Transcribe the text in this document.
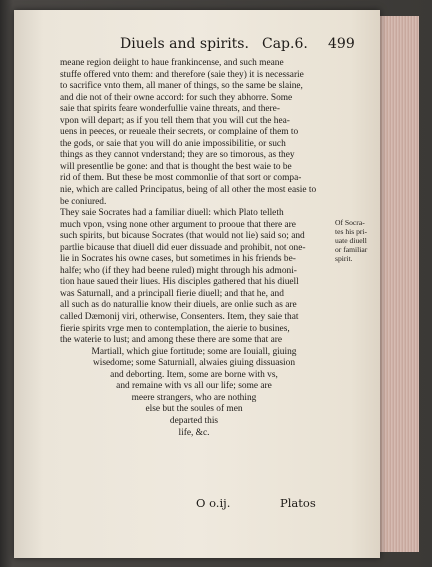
Diuels and spirits. Cap.6. 499
meane region deiight to haue frankincense, and such meane
stuffe offered vnto them: and therefore (saie they) it is necessarie
to sacrifice vnto them, all maner of things, so the same be slaine,
and die not of their owne accord: for such they abhorre. Some
saie that spirits feare wonderfullie vaine threats, and there-
vpon will depart; as if you tell them that you will cut the hea-
uens in peeces, or reueale their secrets, or complaine of them to
the gods, or saie that you will do anie impossibilitie, or such
things as they cannot vnderstand; they are so timorous, as they
will presentlie be gone: and that is thought the best waie to be
rid of them. But these be most commonlie of that sort or compa-
nie, which are called Principatus, being of all other the most easie to
be coniured.
They saie Socrates had a familiar diuell: which Plato telleth
much vpon, vsing none other argument to prooue that there are
such spirits, but bicause Socrates (that would not lie) said so; and
partlie bicause that diuell did euer dissuade and prohibit, not one-
lie in Socrates his owne cases, but sometimes in his friends be-
halfe; who (if they had beene ruled) might through his admoni-
tion haue saued their liues. His disciples gathered that his diuell
was Saturnall, and a principall fierie diuell; and that he, and
all such as do naturallie know their diuels, are onlie such as are
called Dæmonij viri, otherwise, Consenters. Item, they saie that
fierie spirits vrge men to contemplation, the aierie to busines,
the waterie to lust; and among these there are some that are
Martiall, which giue fortitude; some are Iouiall, giuing
wisedome; some Saturniall, alwaies giuing dissuasion
and deborting. Item, some are borne with vs,
and remaine with vs all our life; some are
meere strangers, who are nothing
else but the soules of men
departed this
life, &c.
Of Socra-
tes his pri-
uate diuell
or familiar
spirit.
O o.ij.	Platos
